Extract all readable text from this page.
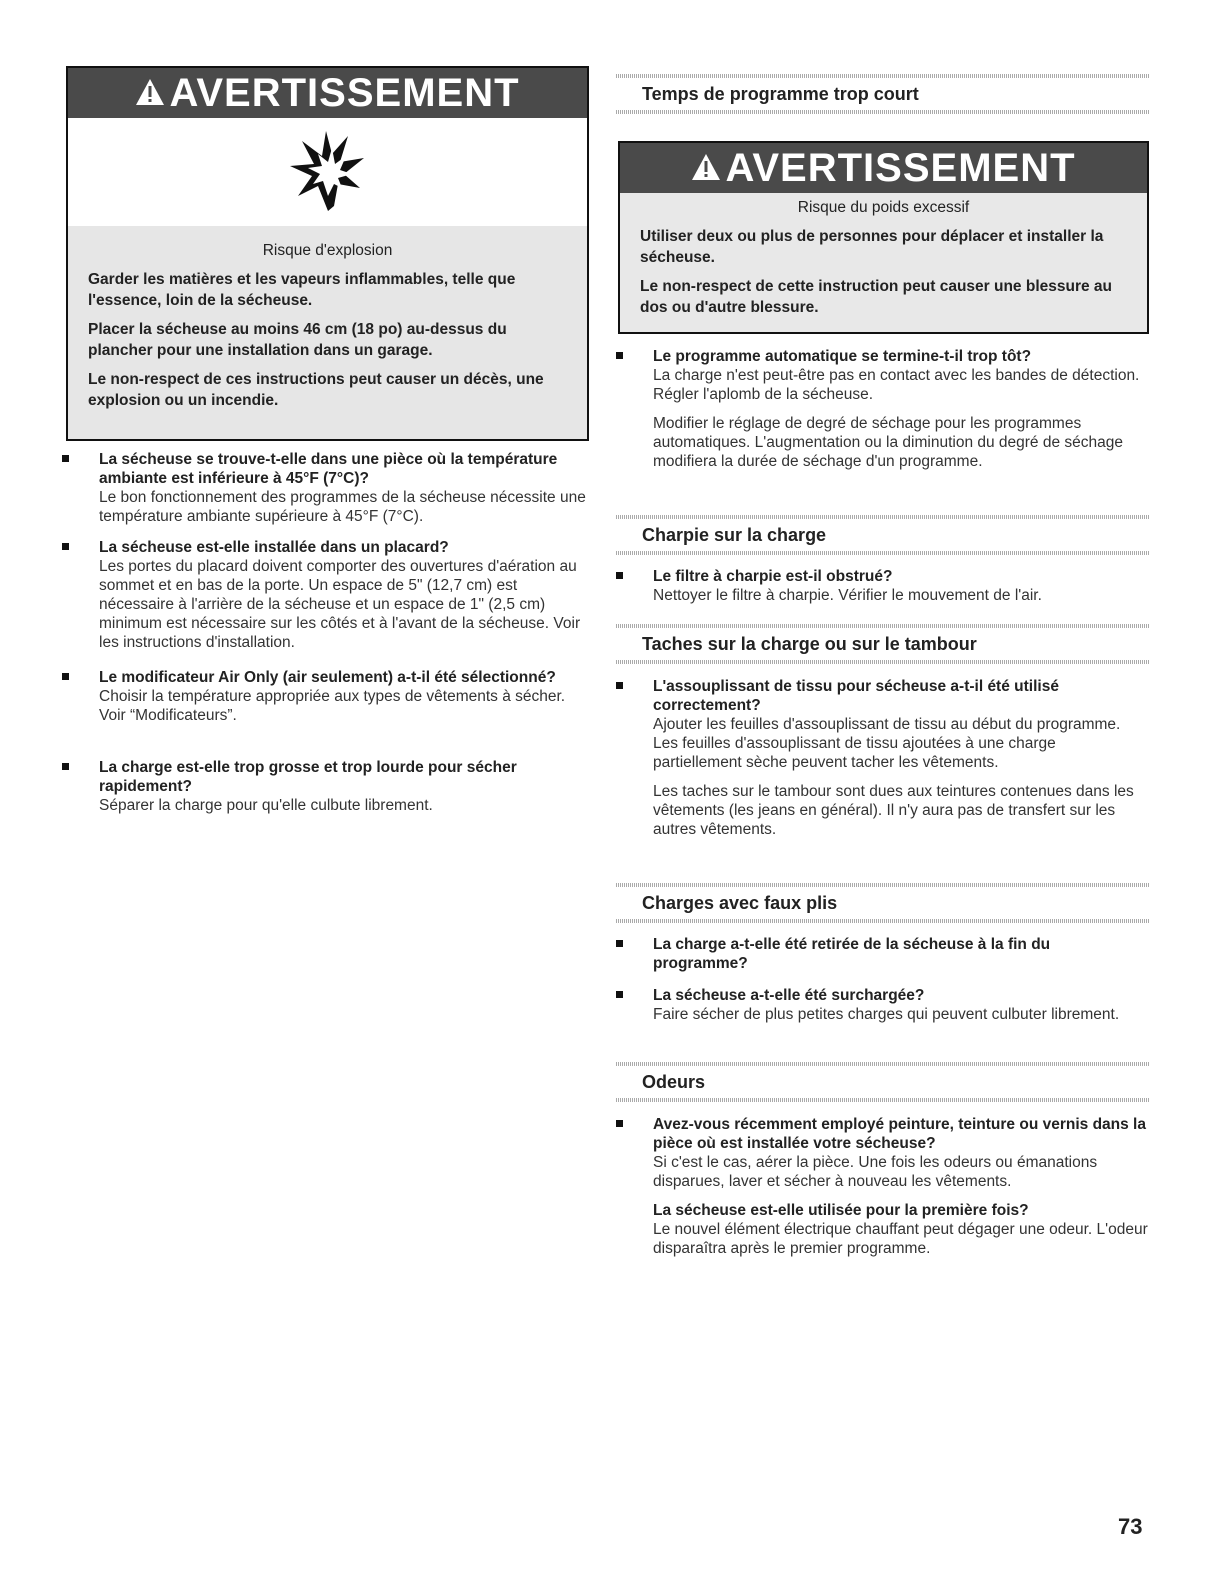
AVERTISSEMENT
Risque d'explosion

Garder les matières et les vapeurs inflammables, telle que l'essence, loin de la sécheuse.

Placer la sécheuse au moins 46 cm (18 po) au-dessus du plancher pour une installation dans un garage.

Le non-respect de ces instructions peut causer un décès, une explosion ou un incendie.

La sécheuse se trouve-t-elle dans une pièce où la température ambiante est inférieure à 45°F (7°C)?

Le bon fonctionnement des programmes de la sécheuse nécessite une température ambiante supérieure à 45°F (7°C).

La sécheuse est-elle installée dans un placard?

Les portes du placard doivent comporter des ouvertures d'aération au sommet et en bas de la porte. Un espace de 5" (12,7 cm) est nécessaire à l'arrière de la sécheuse et un espace de 1" (2,5 cm) minimum est nécessaire sur les côtés et à l'avant de la sécheuse. Voir les instructions d'installation.

Le modificateur Air Only (air seulement) a-t-il été sélectionné?

Choisir la température appropriée aux types de vêtements à sécher. Voir “Modificateurs”.

La charge est-elle trop grosse et trop lourde pour sécher rapidement?

Séparer la charge pour qu'elle culbute librement.

Temps de programme trop court
AVERTISSEMENT
Risque du poids excessif

Utiliser deux ou plus de personnes pour déplacer et installer la sécheuse.

Le non-respect de cette instruction peut causer une blessure au dos ou d'autre blessure.

Le programme automatique se termine-t-il trop tôt?

La charge n'est peut-être pas en contact avec les bandes de détection. Régler l'aplomb de la sécheuse.

Modifier le réglage de degré de séchage pour les programmes automatiques. L'augmentation ou la diminution du degré de séchage modifiera la durée de séchage d'un programme.

Charpie sur la charge

Le filtre à charpie est-il obstrué?

Nettoyer le filtre à charpie. Vérifier le mouvement de l'air.

Taches sur la charge ou sur le tambour

L'assouplissant de tissu pour sécheuse a-t-il été utilisé correctement?

Ajouter les feuilles d'assouplissant de tissu au début du programme. Les feuilles d'assouplissant de tissu ajoutées à une charge partiellement sèche peuvent tacher les vêtements.

Les taches sur le tambour sont dues aux teintures contenues dans les vêtements (les jeans en général). Il n'y aura pas de transfert sur les autres vêtements.

Charges avec faux plis

La charge a-t-elle été retirée de la sécheuse à la fin du programme?

La sécheuse a-t-elle été surchargée?

Faire sécher de plus petites charges qui peuvent culbuter librement.

Odeurs

Avez-vous récemment employé peinture, teinture ou vernis dans la pièce où est installée votre sécheuse?

Si c'est le cas, aérer la pièce. Une fois les odeurs ou émanations disparues, laver et sécher à nouveau les vêtements.

La sécheuse est-elle utilisée pour la première fois?

Le nouvel élément électrique chauffant peut dégager une odeur. L'odeur disparaîtra après le premier programme.

73
